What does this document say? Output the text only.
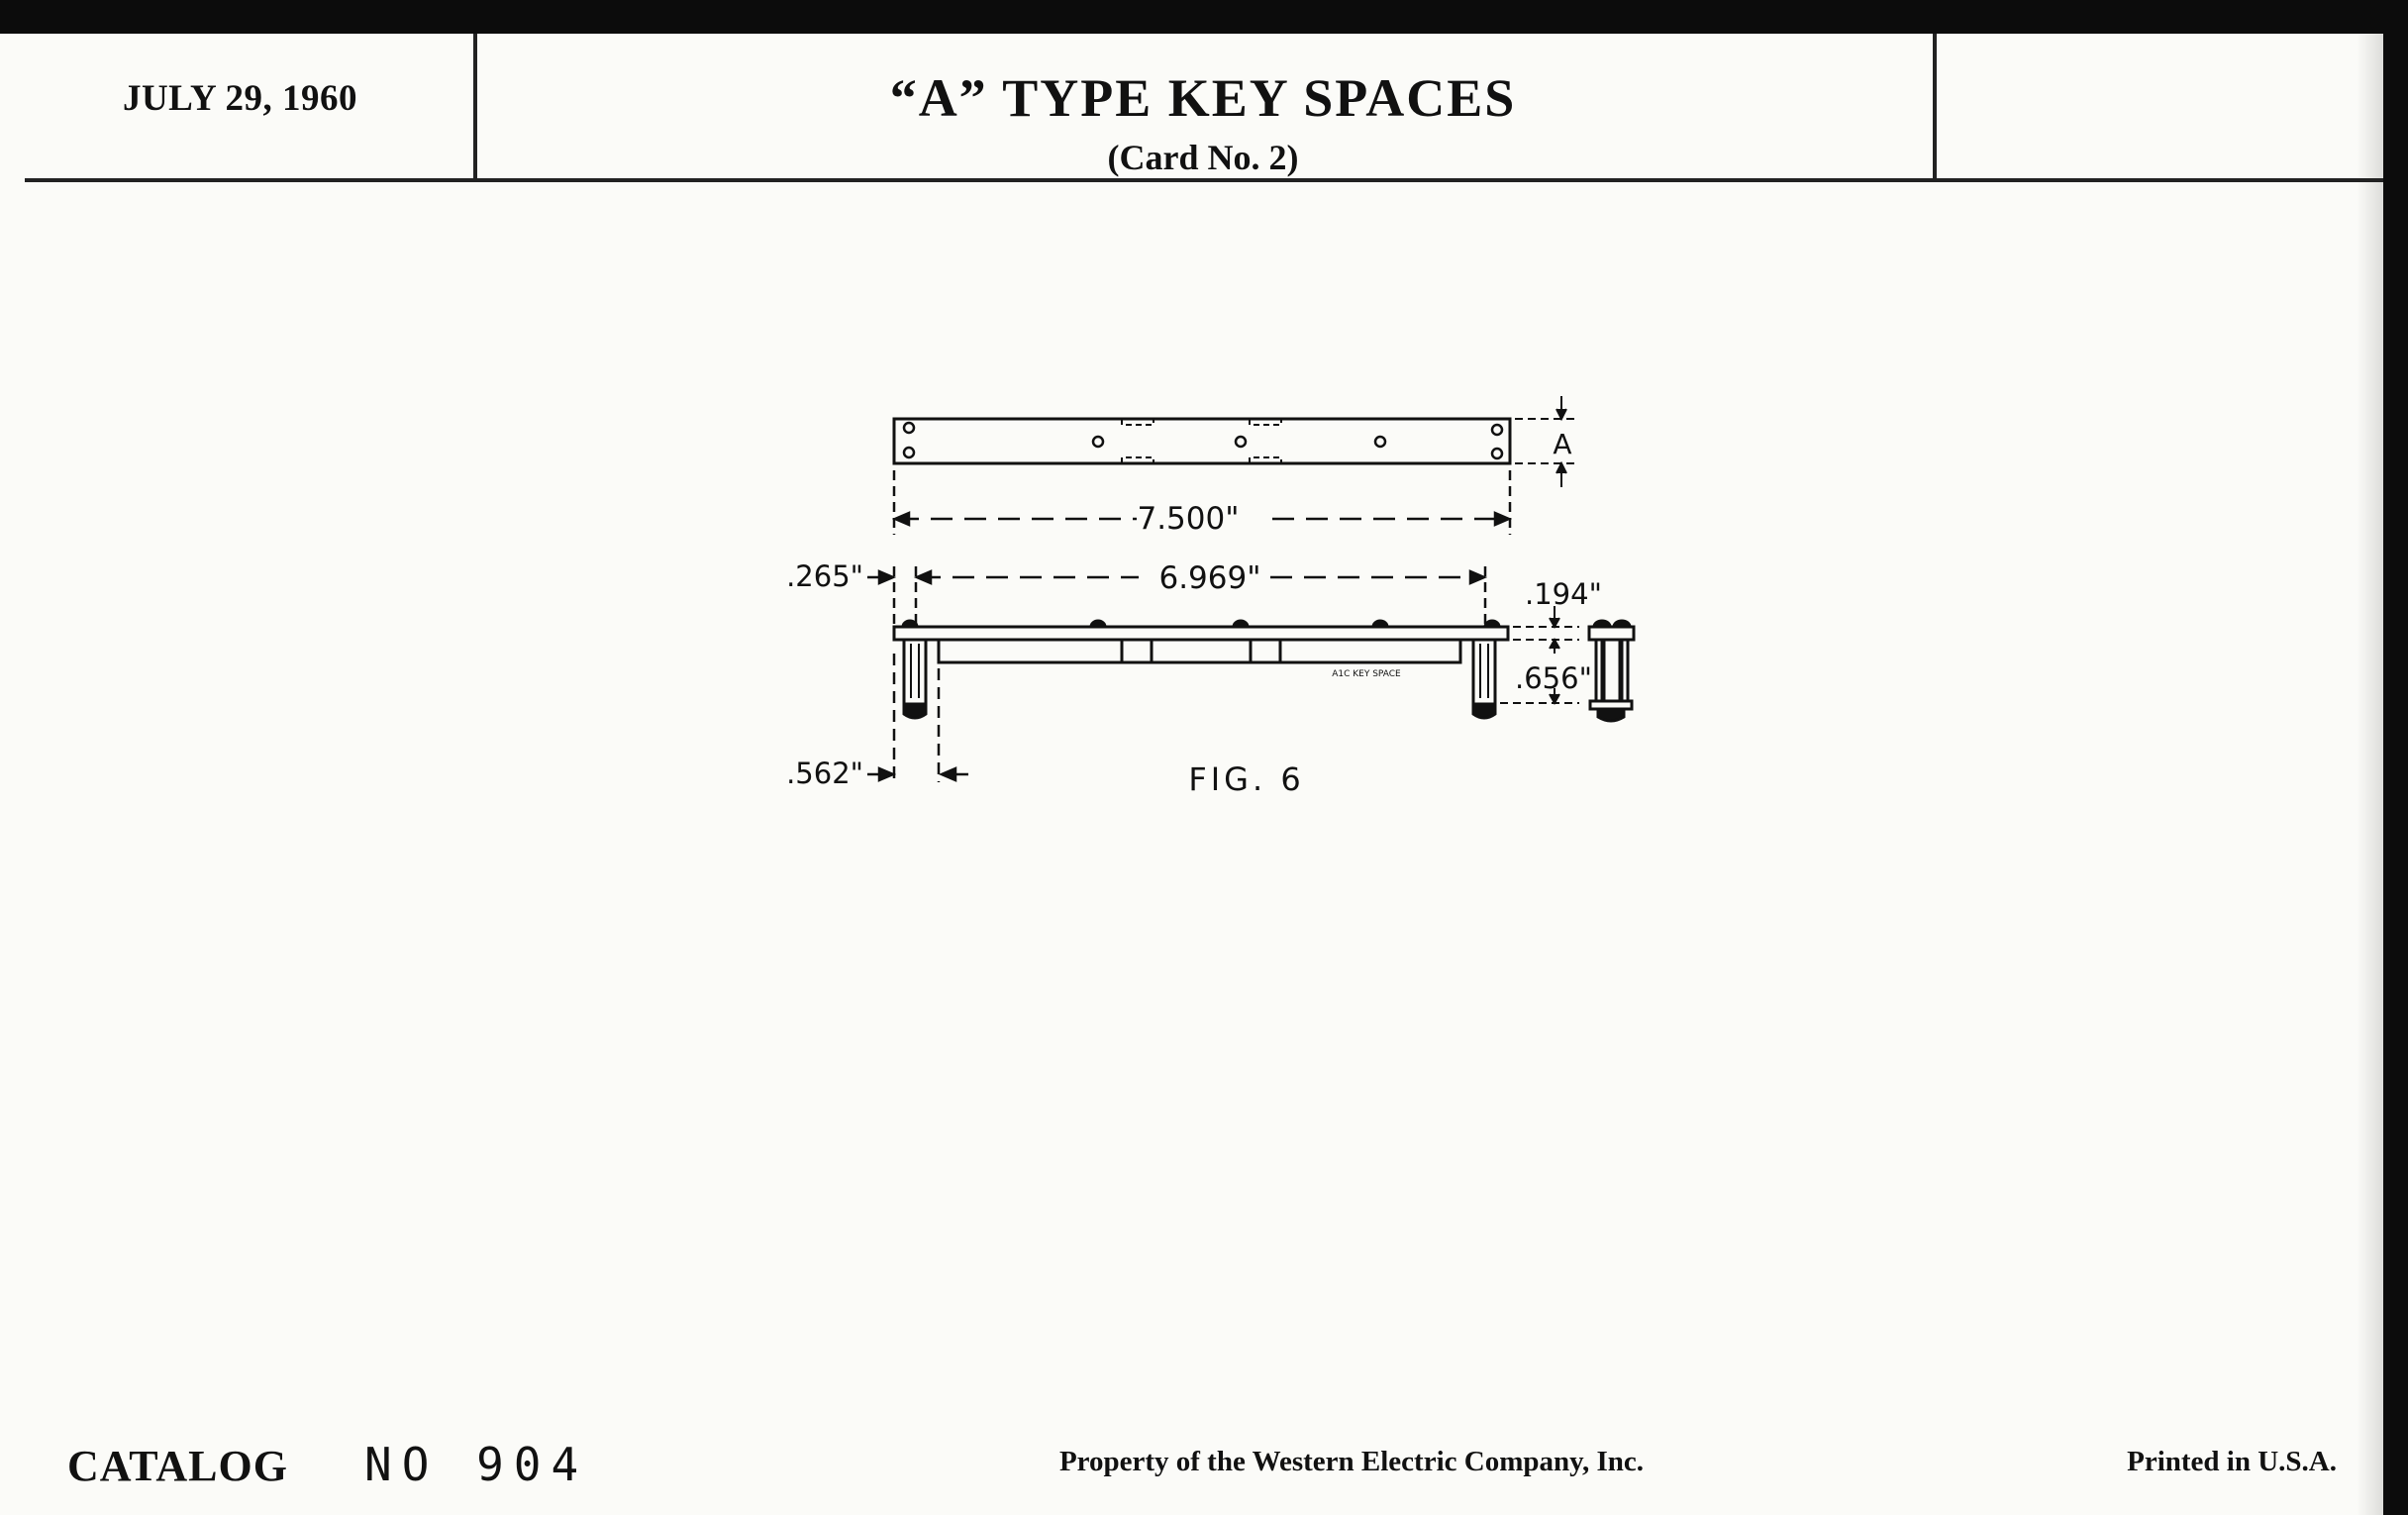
JULY 29, 1960	“A” TYPE KEY SPACES
(Card No. 2)
7.500"
6.969"
.265"
.562"
.194"
.656"
A
A1C KEY SPACE
FIG. 6
CATALOG NO 904	Property of the Western Electric Company, Inc.	Printed in U.S.A.
